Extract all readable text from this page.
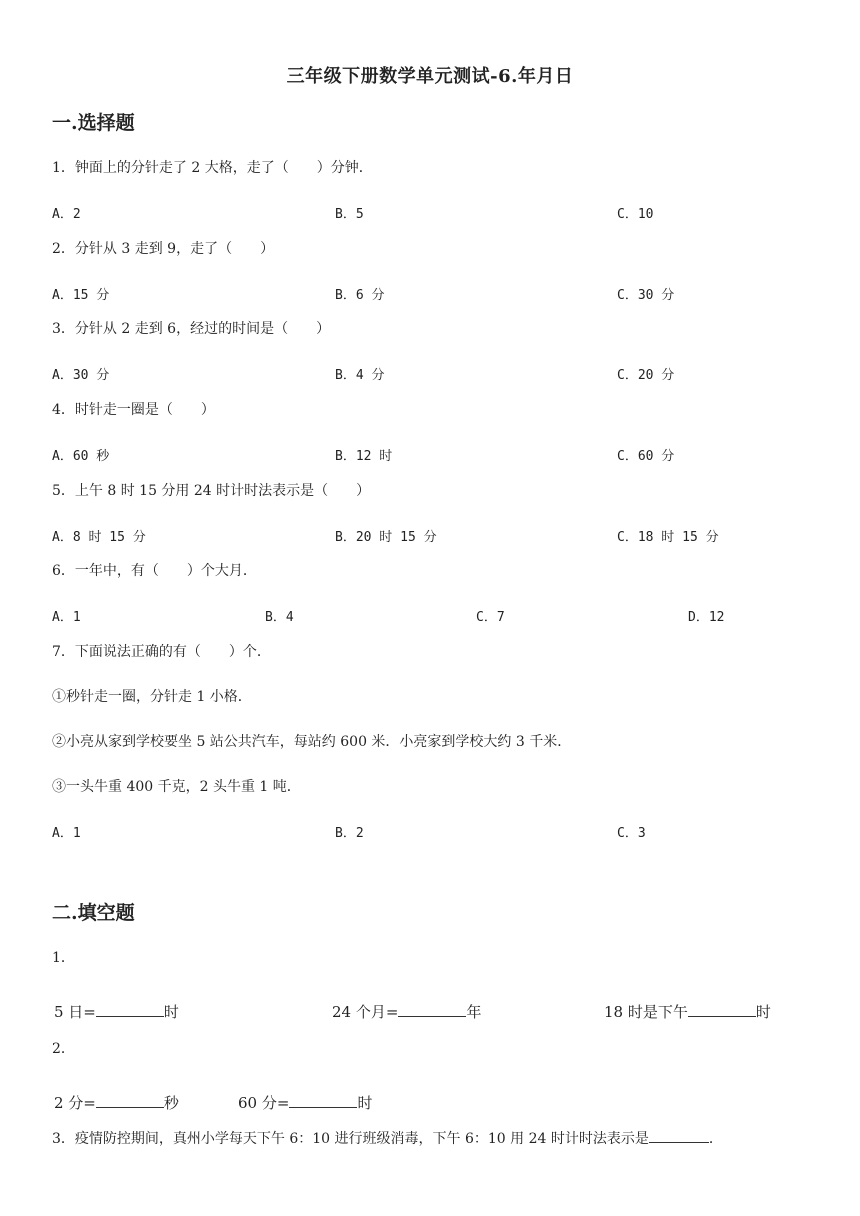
三年级下册数学单元测试-6.年月日
一.选择题
1．钟面上的分针走了 2 大格，走了（　　）分钟．
A．2	B．5	C．10
2．分针从 3 走到 9，走了（　　）
A．15 分	B．6 分	C．30 分
3．分针从 2 走到 6，经过的时间是（　　）
A．30 分	B．4 分	C．20 分
4．时针走一圈是（　　）
A．60 秒	B．12 时	C．60 分
5．上午 8 时 15 分用 24 时计时法表示是（　　）
A．8 时 15 分	B．20 时 15 分	C．18 时 15 分
6．一年中，有（　　）个大月．
A．1	B．4	C．7	D．12
7．下面说法正确的有（　　）个．
①秒针走一圈，分针走 1 小格．
②小亮从家到学校要坐 5 站公共汽车，每站约 600 米．小亮家到学校大约 3 千米．
③一头牛重 400 千克，2 头牛重 1 吨．
A．1	B．2	C．3
二.填空题
1．
5 日=	时	24 个月=	年	18 时是下午	时
2．
2 分=	秒	60 分=	时
3．疫情防控期间，真州小学每天下午 6：10 进行班级消毒，下午 6：10 用 24 时计时法表示是	．
